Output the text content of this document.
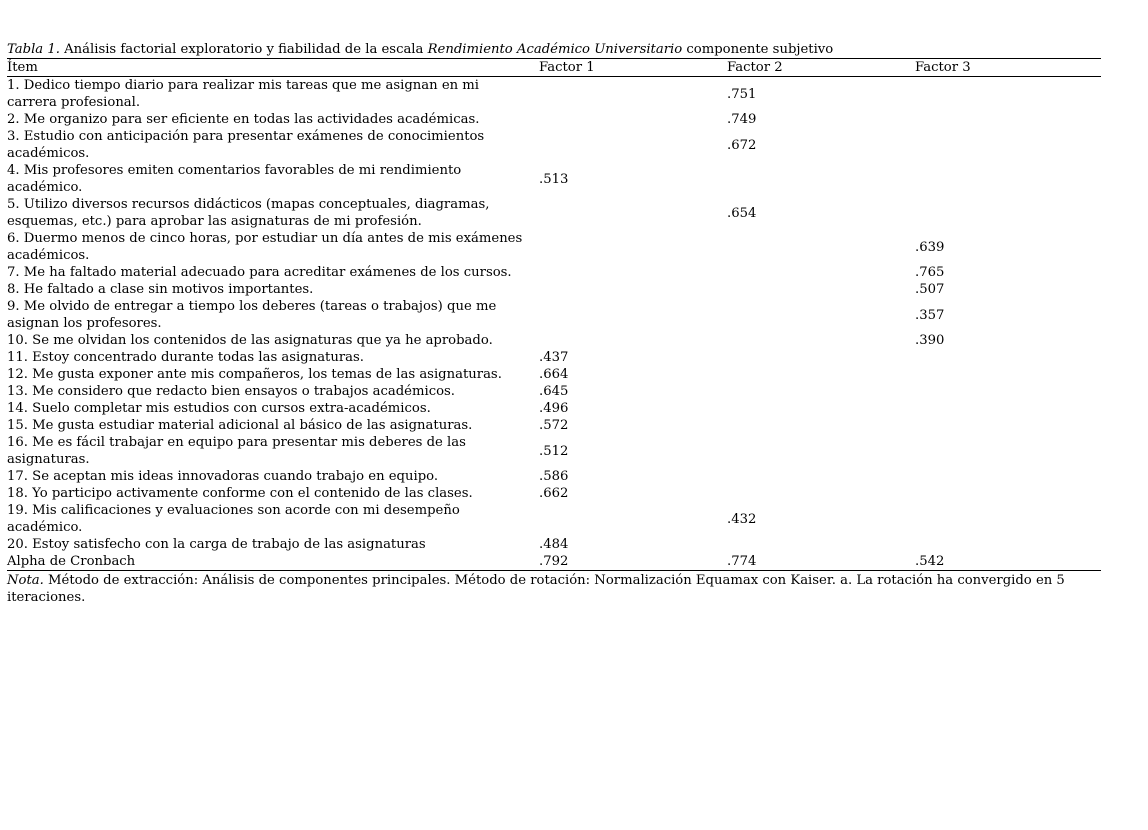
Tabla 1. Análisis factorial exploratorio y fiabilidad de la escala Rendimiento Académico Universitario componente subjetivo
Ítem	Factor 1	Factor 2	Factor 3
1. Dedico tiempo diario para realizar mis tareas que me asignan en mi carrera profesional.		.751	
2. Me organizo para ser eficiente en todas las actividades académicas.		.749	
3. Estudio con anticipación para presentar exámenes de conocimientos académicos.		.672	
4. Mis profesores emiten comentarios favorables de mi rendimiento académico.	.513		
5. Utilizo diversos recursos didácticos (mapas conceptuales, diagramas, esquemas, etc.) para aprobar las asignaturas de mi profesión.		.654	
6. Duermo menos de cinco horas, por estudiar un día antes de mis exámenes académicos.			.639
7. Me ha faltado material adecuado para acreditar exámenes de los cursos.			.765
8. He faltado a clase sin motivos importantes.			.507
9. Me olvido de entregar a tiempo los deberes (tareas o trabajos) que me asignan los profesores.			.357
10. Se me olvidan los contenidos de las asignaturas que ya he aprobado.			.390
11. Estoy concentrado durante todas las asignaturas.	.437		
12. Me gusta exponer ante mis compañeros, los temas de las asignaturas.	.664		
13. Me considero que redacto bien ensayos o trabajos académicos.	.645		
14. Suelo completar mis estudios con cursos extra-académicos.	.496		
15. Me gusta estudiar material adicional al básico de las asignaturas.	.572		
16. Me es fácil trabajar en equipo para presentar mis deberes de las asignaturas.	.512		
17. Se aceptan mis ideas innovadoras cuando trabajo en equipo.	.586		
18. Yo participo activamente conforme con el contenido de las clases.	.662		
19. Mis calificaciones y evaluaciones son acorde con mi desempeño académico.		.432	
20. Estoy satisfecho con la carga de trabajo de las asignaturas	.484		
Alpha de Cronbach	.792	.774	.542
Nota. Método de extracción: Análisis de componentes principales. Método de rotación: Normalización Equamax con Kaiser. a. La rotación ha convergido en 5 iteraciones.
